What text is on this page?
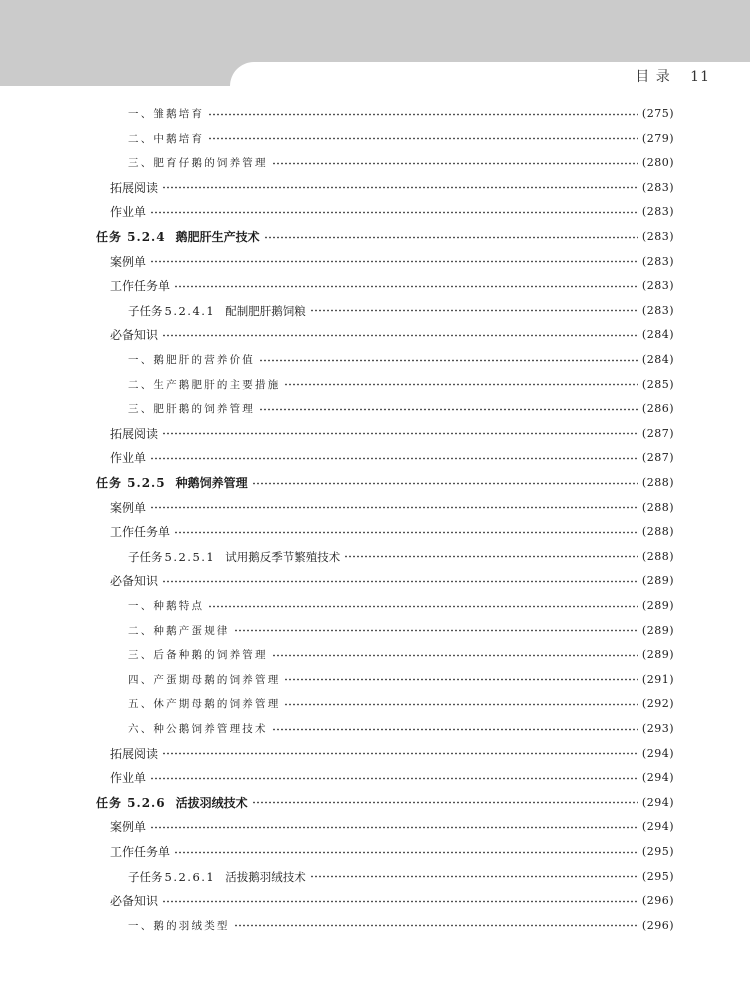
目 录 11
一、雏鹅培育	(275)
二、中鹅培育	(279)
三、肥育仔鹅的饲养管理	(280)
拓展阅读	(283)
作业单	(283)
任务 5.2.4 鹅肥肝生产技术	(283)
案例单	(283)
工作任务单	(283)
子任务 5.2.4.1 配制肥肝鹅饲粮	(283)
必备知识	(284)
一、鹅肥肝的营养价值	(284)
二、生产鹅肥肝的主要措施	(285)
三、肥肝鹅的饲养管理	(286)
拓展阅读	(287)
作业单	(287)
任务 5.2.5 种鹅饲养管理	(288)
案例单	(288)
工作任务单	(288)
子任务 5.2.5.1 试用鹅反季节繁殖技术	(288)
必备知识	(289)
一、种鹅特点	(289)
二、种鹅产蛋规律	(289)
三、后备种鹅的饲养管理	(289)
四、产蛋期母鹅的饲养管理	(291)
五、休产期母鹅的饲养管理	(292)
六、种公鹅饲养管理技术	(293)
拓展阅读	(294)
作业单	(294)
任务 5.2.6 活拔羽绒技术	(294)
案例单	(294)
工作任务单	(295)
子任务 5.2.6.1 活拔鹅羽绒技术	(295)
必备知识	(296)
一、鹅的羽绒类型	(296)
